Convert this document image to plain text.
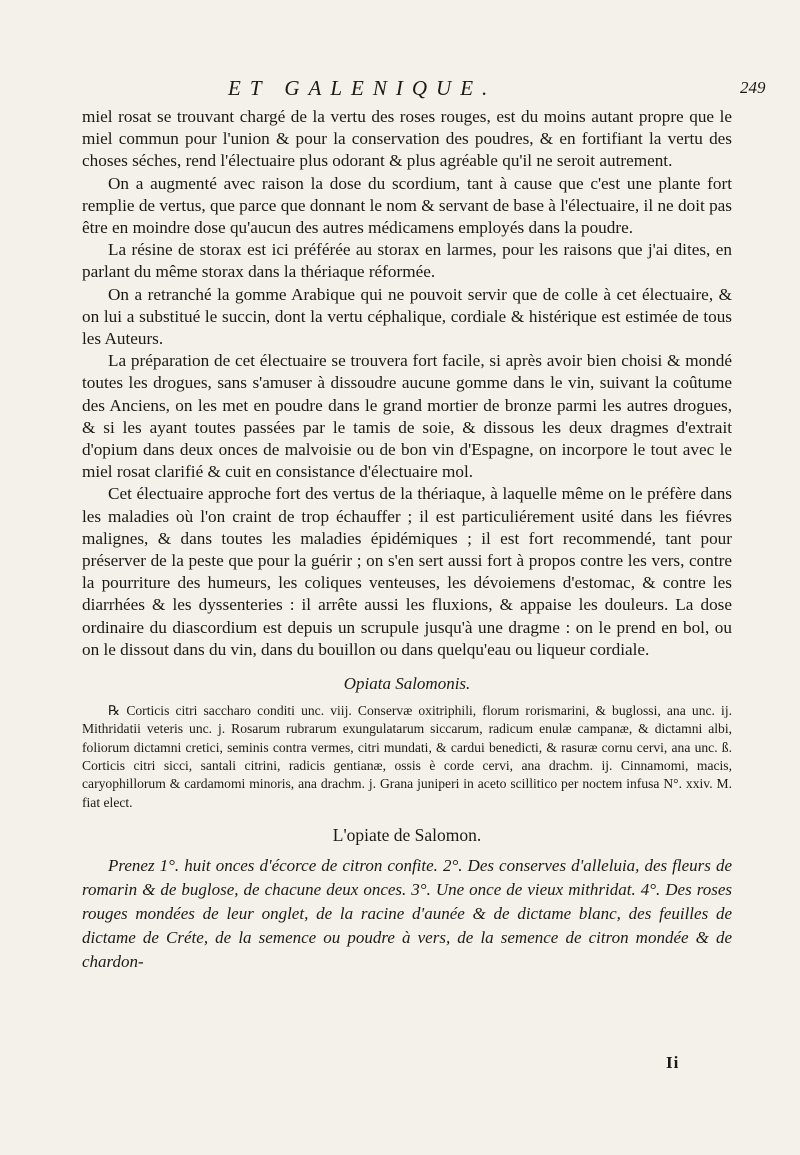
ET GALENIQUE.	249

miel rosat se trouvant chargé de la vertu des roses rouges, est du moins autant propre que le miel commun pour l'union & pour la conservation des poudres, & en fortifiant la vertu des choses séches, rend l'électuaire plus odorant & plus agréable qu'il ne seroit autrement.

On a augmenté avec raison la dose du scordium, tant à cause que c'est une plante fort remplie de vertus, que parce que donnant le nom & servant de base à l'électuaire, il ne doit pas être en moindre dose qu'aucun des autres médicamens employés dans la poudre.

La résine de storax est ici préférée au storax en larmes, pour les raisons que j'ai dites, en parlant du même storax dans la thériaque réformée.

On a retranché la gomme Arabique qui ne pouvoit servir que de colle à cet électuaire, & on lui a substitué le succin, dont la vertu céphalique, cordiale & histérique est estimée de tous les Auteurs.

La préparation de cet électuaire se trouvera fort facile, si après avoir bien choisi & mondé toutes les drogues, sans s'amuser à dissoudre aucune gomme dans le vin, suivant la coûtume des Anciens, on les met en poudre dans le grand mortier de bronze parmi les autres drogues, & si les ayant toutes passées par le tamis de soie, & dissous les deux dragmes d'extrait d'opium dans deux onces de malvoisie ou de bon vin d'Espagne, on incorpore le tout avec le miel rosat clarifié & cuit en consistance d'électuaire mol.

Cet électuaire approche fort des vertus de la thériaque, à laquelle même on le préfère dans les maladies où l'on craint de trop échauffer ; il est particuliérement usité dans les fiévres malignes, & dans toutes les maladies épidémiques ; il est fort recommendé, tant pour préserver de la peste que pour la guérir ; on s'en sert aussi fort à propos contre les vers, contre la pourriture des humeurs, les coliques venteuses, les dévoiemens d'estomac, & contre les diarrhées & les dyssenteries : il arrête aussi les fluxions, & appaise les douleurs. La dose ordinaire du diascordium est depuis un scrupule jusqu'à une dragme : on le prend en bol, ou on le dissout dans du vin, dans du bouillon ou dans quelqu'eau ou liqueur cordiale.

Opiata Salomonis.

℞ Corticis citri saccharo conditi unc. viij. Conservæ oxitriphili, florum rorismarini, & buglossi, ana unc. ij. Mithridatii veteris unc. j. Rosarum rubrarum exungulatarum siccarum, radicum enulæ campanæ, & dictamni albi, foliorum dictamni cretici, seminis contra vermes, citri mundati, & cardui benedicti, & rasuræ cornu cervi, ana unc. ß. Corticis citri sicci, santali citrini, radicis gentianæ, ossis è corde cervi, ana drachm. ij. Cinnamomi, macis, caryophillorum & cardamomi minoris, ana drachm. j. Grana juniperi in aceto scillitico per noctem infusa N°. xxiv. M. fiat elect.

L'opiate de Salomon.

Prenez 1°. huit onces d'écorce de citron confite. 2°. Des conserves d'alleluia, des fleurs de romarin & de buglose, de chacune deux onces. 3°. Une once de vieux mithridat. 4°. Des roses rouges mondées de leur onglet, de la racine d'aunée & de dictame blanc, des feuilles de dictame de Créte, de la semence ou poudre à vers, de la semence de citron mondée & de chardon-

Ii
